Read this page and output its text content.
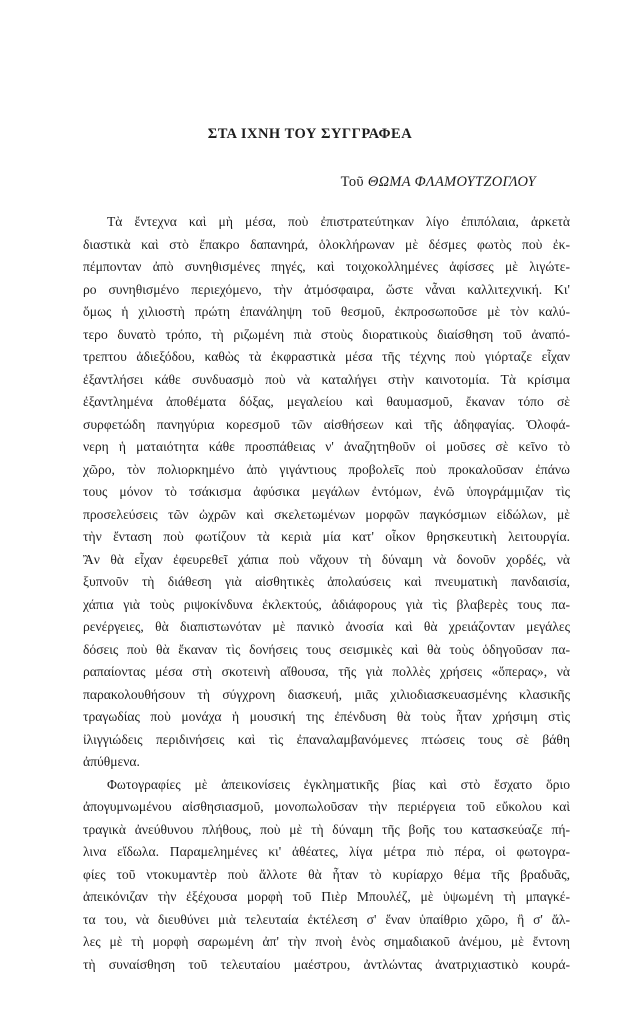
ΣΤΑ ΙΧΝΗ ΤΟΥ ΣΥΓΓΡΑΦΕΑ
Τοῦ ΘΩΜΑ ΦΛΑΜΟΥΤΖΟΓΛΟΥ
Τὰ ἔντεχνα καὶ μὴ μέσα, ποὺ ἐπιστρατεύτηκαν λίγο ἐπιπόλαια, ἀρκετὰ
διαστικὰ καὶ στὸ ἔπακρο δαπανηρά, ὁλοκλήρωναν μὲ δέσμες φωτὸς ποὺ ἐκ-
πέμπονταν ἀπὸ συνηθισμένες πηγές, καὶ τοιχοκολλημένες ἀφίσσες μὲ λιγώτε-
ρο συνηθισμένο περιεχόμενο, τὴν ἀτμόσφαιρα, ὥστε νἆναι καλλιτεχνική. Κι'
ὅμως ἡ χιλιοστὴ πρώτη ἐπανάληψη τοῦ θεσμοῦ, ἐκπροσωποῦσε μὲ τὸν καλύ-
τερο δυνατὸ τρόπο, τὴ ριζωμένη πιὰ στοὺς διορατικοὺς διαίσθηση τοῦ ἀναπό-
τρεπτου ἀδιεξόδου, καθὼς τὰ ἐκφραστικὰ μέσα τῆς τέχνης ποὺ γιόρταζε εἶχαν
ἐξαντλήσει κάθε συνδυασμὸ ποὺ νὰ καταλήγει στὴν καινοτομία. Τὰ κρίσιμα
ἐξαντλημένα ἀποθέματα δόξας, μεγαλείου καὶ θαυμασμοῦ, ἔκαναν τόπο σὲ
συρφετώδη πανηγύρια κορεσμοῦ τῶν αἰσθήσεων καὶ τῆς ἀδηφαγίας. Ὁλοφά-
νερη ἡ ματαιότητα κάθε προσπάθειας ν' ἀναζητηθοῦν οἱ μοῦσες σὲ κεῖνο τὸ
χῶρο, τὸν πολιορκημένο ἀπὸ γιγάντιους προβολεῖς ποὺ προκαλοῦσαν ἐπάνω
τους μόνον τὸ τσάκισμα ἀφύσικα μεγάλων ἐντόμων, ἐνῶ ὑπογράμμιζαν τὶς
προσελεύσεις τῶν ὠχρῶν καὶ σκελετωμένων μορφῶν παγκόσμιων εἰδώλων, μὲ
τὴν ἔνταση ποὺ φωτίζουν τὰ κεριὰ μία κατ' οἶκον θρησκευτικὴ λειτουργία.
Ἂν θὰ εἶχαν ἐφευρεθεῖ χάπια ποὺ νἄχουν τὴ δύναμη νὰ δονοῦν χορδές, νὰ
ξυπνοῦν τὴ διάθεση γιὰ αἰσθητικὲς ἀπολαύσεις καὶ πνευματικὴ πανδαισία,
χάπια γιὰ τοὺς ριψοκίνδυνα ἐκλεκτούς, ἀδιάφορους γιὰ τὶς βλαβερὲς τους πα-
ρενέργειες, θὰ διαπιστωνόταν μὲ πανικὸ ἀνοσία καὶ θὰ χρειάζονταν μεγάλες
δόσεις ποὺ θὰ ἔκαναν τὶς δονήσεις τους σεισμικὲς καὶ θὰ τοὺς ὁδηγοῦσαν πα-
ραπαίοντας μέσα στὴ σκοτεινὴ αἴθουσα, τῆς γιὰ πολλὲς χρήσεις «ὄπερας», νὰ
παρακολουθήσουν τὴ σύγχρονη διασκευή, μιᾶς χιλιοδιασκευασμένης κλασικῆς
τραγωδίας ποὺ μονάχα ἡ μουσική της ἐπένδυση θὰ τοὺς ἦταν χρήσιμη στὶς
ἰλιγγιώδεις περιδινήσεις καὶ τὶς ἐπαναλαμβανόμενες πτώσεις τους σὲ βάθη
ἀπύθμενα.
Φωτογραφίες μὲ ἀπεικονίσεις ἐγκληματικῆς βίας καὶ στὸ ἔσχατο ὅριο
ἀπογυμνωμένου αἰσθησιασμοῦ, μονοπωλοῦσαν τὴν περιέργεια τοῦ εὔκολου καὶ
τραγικὰ ἀνεύθυνου πλήθους, ποὺ μὲ τὴ δύναμη τῆς βοῆς του κατασκεύαζε πή-
λινα εἴδωλα. Παραμελημένες κι' ἀθέατες, λίγα μέτρα πιὸ πέρα, οἱ φωτογρα-
φίες τοῦ ντοκυμαντὲρ ποὺ ἄλλοτε θὰ ἦταν τὸ κυρίαρχο θέμα τῆς βραδυᾶς,
ἀπεικόνιζαν τὴν ἐξέχουσα μορφὴ τοῦ Πιὲρ Μπουλέζ, μὲ ὑψωμένη τὴ μπαγκέ-
τα του, νὰ διευθύνει μιὰ τελευταία ἐκτέλεση σ' ἕναν ὑπαίθριο χῶρο, ἢ σ' ἄλ-
λες μὲ τὴ μορφὴ σαρωμένη ἀπ' τὴν πνοὴ ἑνὸς σημαδιακοῦ ἀνέμου, μὲ ἔντονη
τὴ συναίσθηση τοῦ τελευταίου μαέστρου, ἀντλώντας ἀνατριχιαστικὸ κουρά-
